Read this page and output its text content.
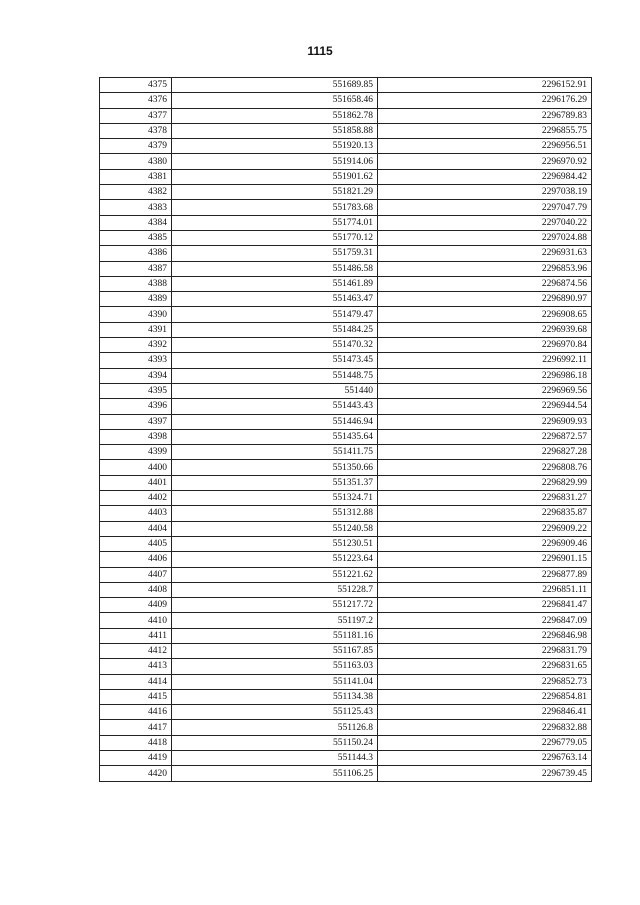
1115
4375	551689.85	2296152.91
4376	551658.46	2296176.29
4377	551862.78	2296789.83
4378	551858.88	2296855.75
4379	551920.13	2296956.51
4380	551914.06	2296970.92
4381	551901.62	2296984.42
4382	551821.29	2297038.19
4383	551783.68	2297047.79
4384	551774.01	2297040.22
4385	551770.12	2297024.88
4386	551759.31	2296931.63
4387	551486.58	2296853.96
4388	551461.89	2296874.56
4389	551463.47	2296890.97
4390	551479.47	2296908.65
4391	551484.25	2296939.68
4392	551470.32	2296970.84
4393	551473.45	2296992.11
4394	551448.75	2296986.18
4395	551440	2296969.56
4396	551443.43	2296944.54
4397	551446.94	2296909.93
4398	551435.64	2296872.57
4399	551411.75	2296827.28
4400	551350.66	2296808.76
4401	551351.37	2296829.99
4402	551324.71	2296831.27
4403	551312.88	2296835.87
4404	551240.58	2296909.22
4405	551230.51	2296909.46
4406	551223.64	2296901.15
4407	551221.62	2296877.89
4408	551228.7	2296851.11
4409	551217.72	2296841.47
4410	551197.2	2296847.09
4411	551181.16	2296846.98
4412	551167.85	2296831.79
4413	551163.03	2296831.65
4414	551141.04	2296852.73
4415	551134.38	2296854.81
4416	551125.43	2296846.41
4417	551126.8	2296832.88
4418	551150.24	2296779.05
4419	551144.3	2296763.14
4420	551106.25	2296739.45
